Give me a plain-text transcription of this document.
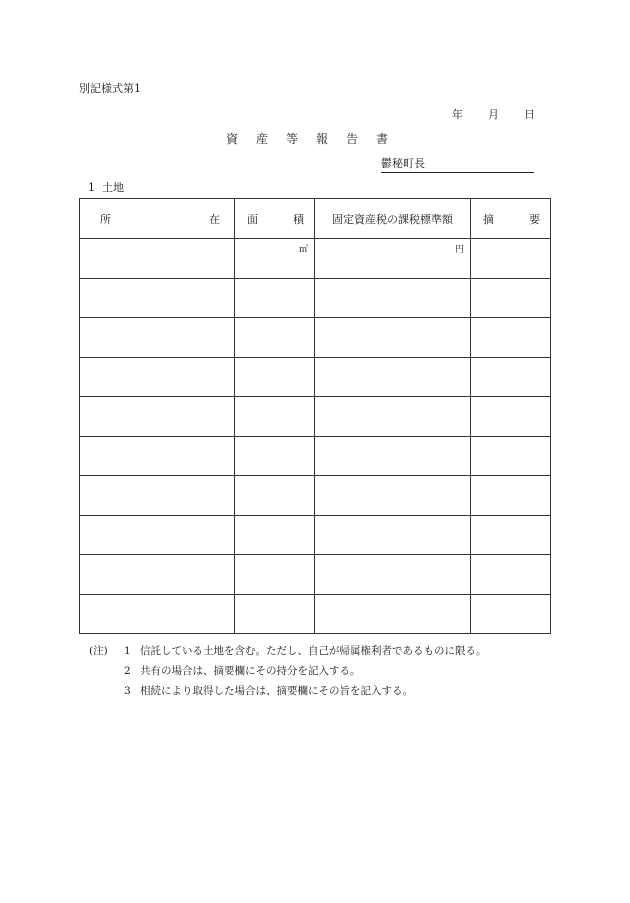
別記様式第1
年 月 日
資 産 等 報 告 書
鬱秘町長
1 土地
所 在	面 積	固定資産税の課税標準額	摘 要

	㎡	円	

(注)	1 信託している土地を含む。ただし、自己が帰属権利者であるものに限る。
2 共有の場合は、摘要欄にその持分を記入する。
3 相続により取得した場合は、摘要欄にその旨を記入する。
